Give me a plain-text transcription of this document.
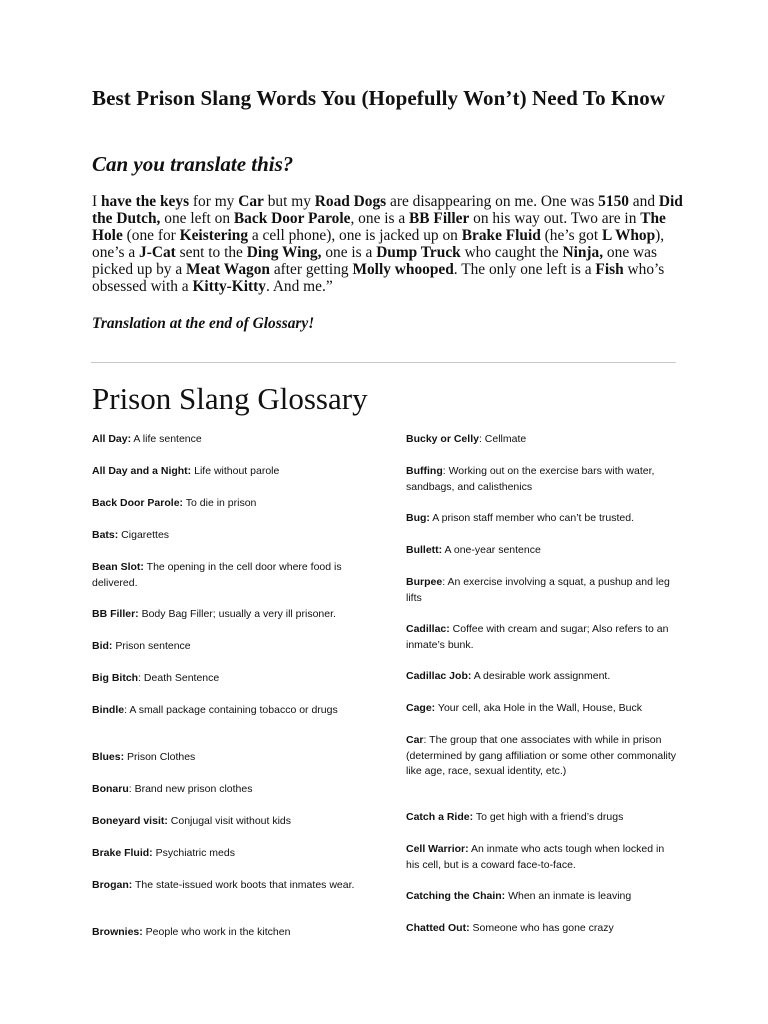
Best Prison Slang Words You (Hopefully Won’t) Need To Know
Can you translate this?

I have the keys for my Car but my Road Dogs are disappearing on me. One was 5150 and Did the Dutch, one left on Back Door Parole, one is a BB Filler on his way out. Two are in The Hole (one for Keistering a cell phone), one is jacked up on Brake Fluid (he’s got L Whop), one’s a J-Cat sent to the Ding Wing, one is a Dump Truck who caught the Ninja, one was picked up by a Meat Wagon after getting Molly whooped. The only one left is a Fish who’s obsessed with a Kitty-Kitty. And me.”

Translation at the end of Glossary!

Prison Slang Glossary

All Day: A life sentence

All Day and a Night: Life without parole

Back Door Parole: To die in prison

Bats: Cigarettes

Bean Slot: The opening in the cell door where food is delivered.

BB Filler: Body Bag Filler; usually a very ill prisoner.

Bid: Prison sentence

Big Bitch: Death Sentence

Bindle: A small package containing tobacco or drugs

Blues: Prison Clothes

Bonaru: Brand new prison clothes

Boneyard visit: Conjugal visit without kids

Brake Fluid: Psychiatric meds

Brogan: The state-issued work boots that inmates wear.

Brownies: People who work in the kitchen

Bucky or Celly: Cellmate

Buffing: Working out on the exercise bars with water, sandbags, and calisthenics

Bug: A prison staff member who can’t be trusted.

Bullett: A one-year sentence

Burpee: An exercise involving a squat, a pushup and leg lifts

Cadillac: Coffee with cream and sugar; Also refers to an inmate’s bunk.

Cadillac Job: A desirable work assignment.

Cage: Your cell, aka Hole in the Wall, House, Buck

Car: The group that one associates with while in prison (determined by gang affiliation or some other commonality like age, race, sexual identity, etc.)

Catch a Ride: To get high with a friend’s drugs

Cell Warrior: An inmate who acts tough when locked in his cell, but is a coward face-to-face.

Catching the Chain: When an inmate is leaving

Chatted Out: Someone who has gone crazy
